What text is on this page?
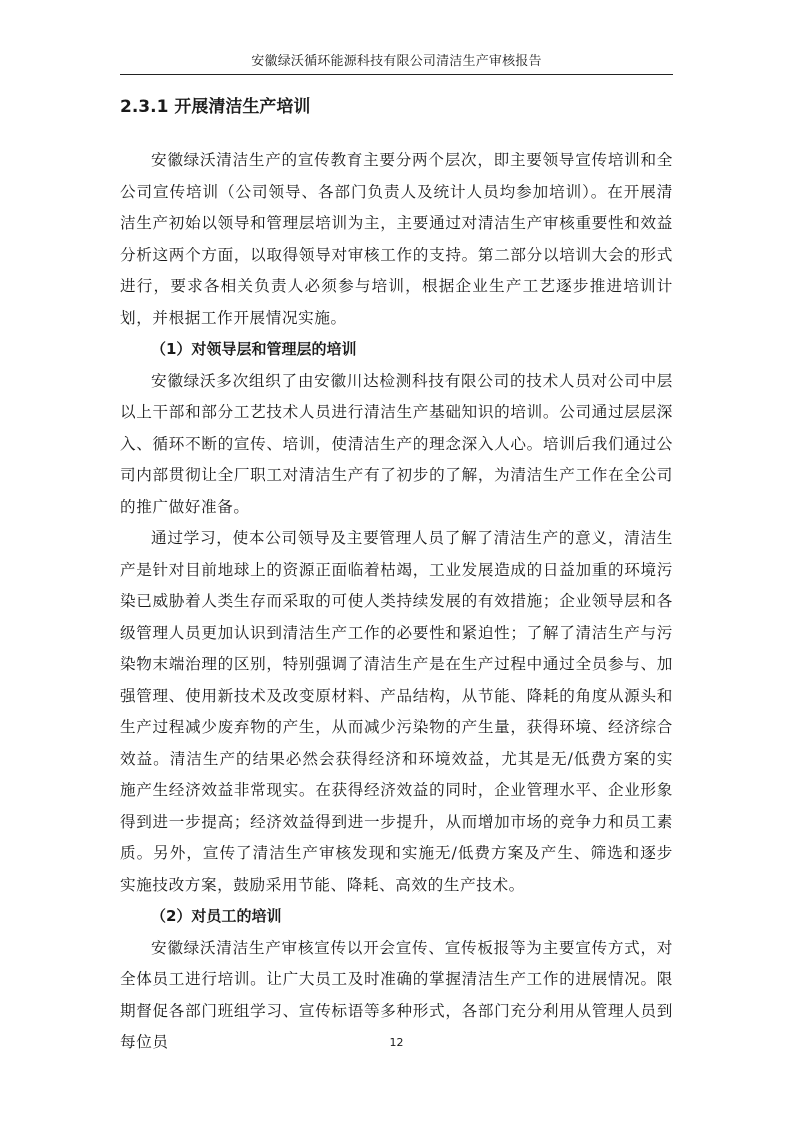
安徽绿沃循环能源科技有限公司清洁生产审核报告
2.3.1 开展清洁生产培训

安徽绿沃清洁生产的宣传教育主要分两个层次，即主要领导宣传培训和全公司宣传培训（公司领导、各部门负责人及统计人员均参加培训）。在开展清洁生产初始以领导和管理层培训为主，主要通过对清洁生产审核重要性和效益分析这两个方面，以取得领导对审核工作的支持。第二部分以培训大会的形式进行，要求各相关负责人必须参与培训，根据企业生产工艺逐步推进培训计划，并根据工作开展情况实施。

（1）对领导层和管理层的培训

安徽绿沃多次组织了由安徽川达检测科技有限公司的技术人员对公司中层以上干部和部分工艺技术人员进行清洁生产基础知识的培训。公司通过层层深入、循环不断的宣传、培训，使清洁生产的理念深入人心。培训后我们通过公司内部贯彻让全厂职工对清洁生产有了初步的了解，为清洁生产工作在全公司的推广做好准备。

通过学习，使本公司领导及主要管理人员了解了清洁生产的意义，清洁生产是针对目前地球上的资源正面临着枯竭，工业发展造成的日益加重的环境污染已威胁着人类生存而采取的可使人类持续发展的有效措施；企业领导层和各级管理人员更加认识到清洁生产工作的必要性和紧迫性；了解了清洁生产与污染物末端治理的区别，特别强调了清洁生产是在生产过程中通过全员参与、加强管理、使用新技术及改变原材料、产品结构，从节能、降耗的角度从源头和生产过程减少废弃物的产生，从而减少污染物的产生量，获得环境、经济综合效益。清洁生产的结果必然会获得经济和环境效益，尤其是无/低费方案的实施产生经济效益非常现实。在获得经济效益的同时，企业管理水平、企业形象得到进一步提高；经济效益得到进一步提升，从而增加市场的竞争力和员工素质。另外，宣传了清洁生产审核发现和实施无/低费方案及产生、筛选和逐步实施技改方案，鼓励采用节能、降耗、高效的生产技术。

（2）对员工的培训

安徽绿沃清洁生产审核宣传以开会宣传、宣传板报等为主要宣传方式，对全体员工进行培训。让广大员工及时准确的掌握清洁生产工作的进展情况。限期督促各部门班组学习、宣传标语等多种形式，各部门充分利用从管理人员到每位员	12
